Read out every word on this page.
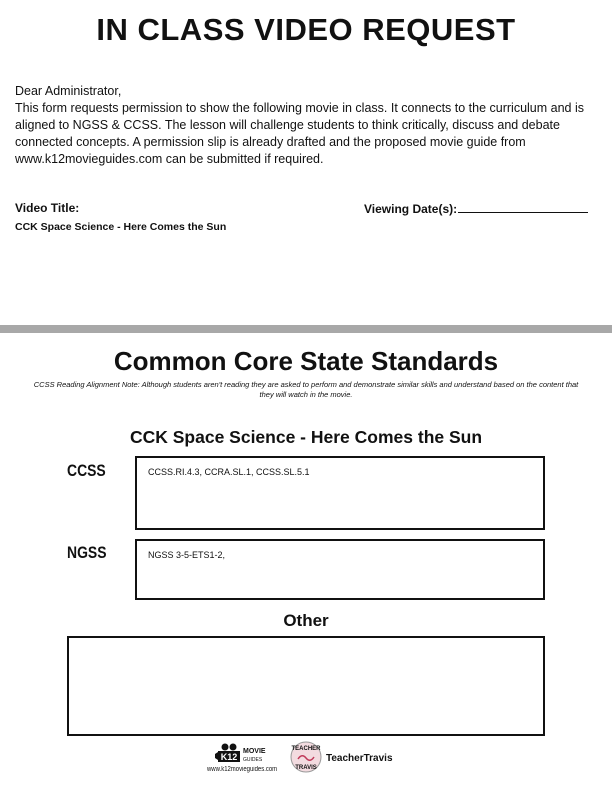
IN CLASS VIDEO REQUEST
Dear Administrator,
This form requests permission to show the following movie in class. It connects to the curriculum and is aligned to NGSS & CCSS. The lesson will challenge students to think critically, discuss and debate connected concepts. A permission slip is already drafted and the proposed movie guide from www.k12movieguides.com can be submitted if required.
Video Title:	Viewing Date(s):
CCK Space Science - Here Comes the Sun
Common Core State Standards
CCSS Reading Alignment Note: Although students aren't reading they are asked to perform and demonstrate similar skills and understand based on the content that they will watch in the movie.
CCK Space Science - Here Comes the Sun
CCSS	CCSS.RI.4.3, CCRA.SL.1, CCSS.SL.5.1
NGSS	NGSS 3-5-ETS1-2,
Other
K12
MOVIE
GUIDES
www.k12movieguides.com
TEACHER
TRAVIS
TeacherTravis
